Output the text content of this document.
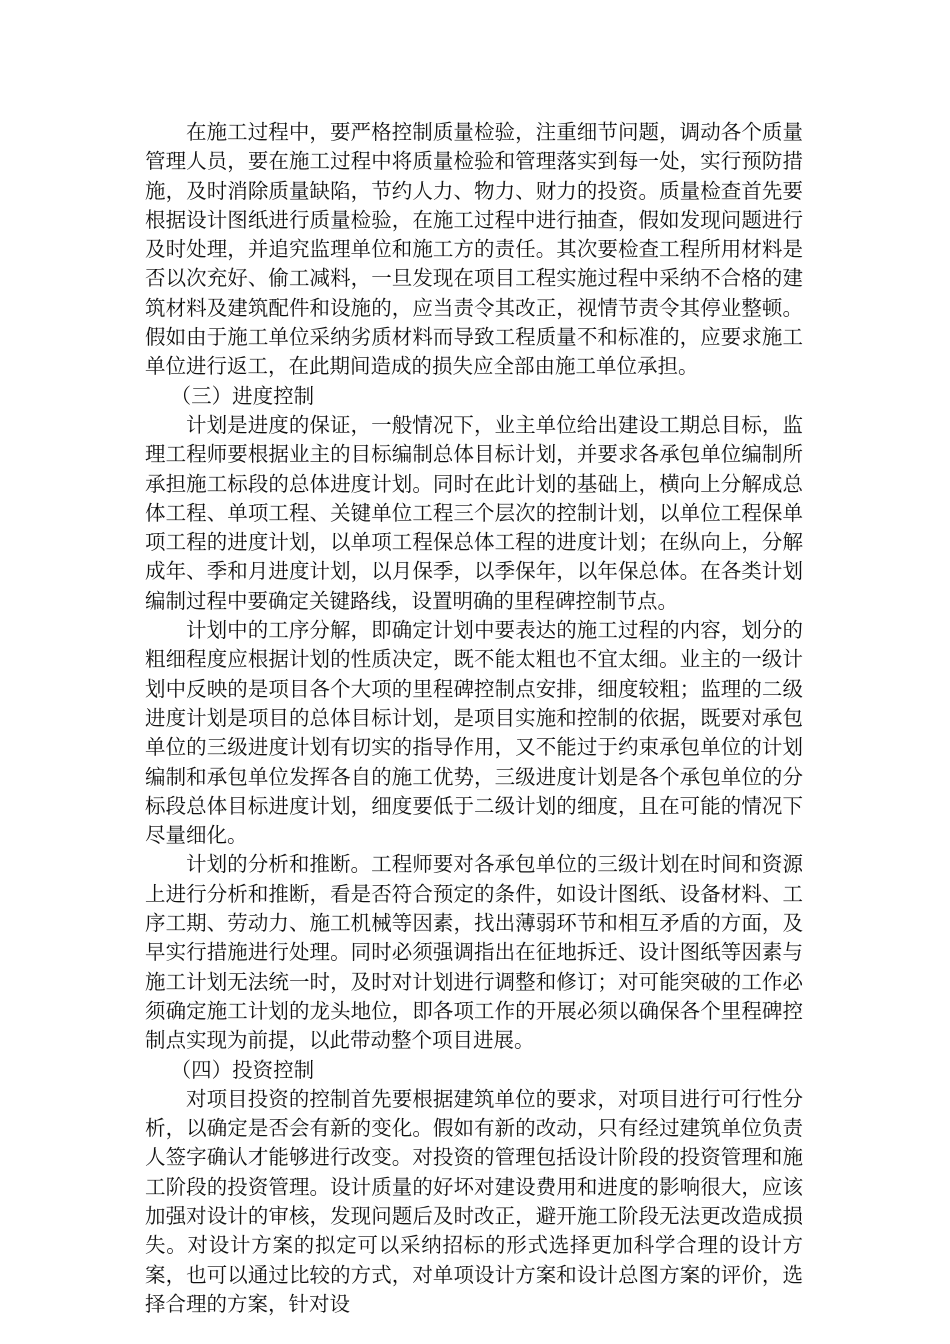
在施工过程中，要严格控制质量检验，注重细节问题，调动各个质量管理人员，要在施工过程中将质量检验和管理落实到每一处，实行预防措施，及时消除质量缺陷，节约人力、物力、财力的投资。质量检查首先要根据设计图纸进行质量检验，在施工过程中进行抽查，假如发现问题进行及时处理，并追究监理单位和施工方的责任。其次要检查工程所用材料是否以次充好、偷工减料，一旦发现在项目工程实施过程中采纳不合格的建筑材料及建筑配件和设施的，应当责令其改正，视情节责令其停业整顿。假如由于施工单位采纳劣质材料而导致工程质量不和标准的，应要求施工单位进行返工，在此期间造成的损失应全部由施工单位承担。

（三）进度控制

计划是进度的保证，一般情况下，业主单位给出建设工期总目标，监理工程师要根据业主的目标编制总体目标计划，并要求各承包单位编制所承担施工标段的总体进度计划。同时在此计划的基础上，横向上分解成总体工程、单项工程、关键单位工程三个层次的控制计划，以单位工程保单项工程的进度计划，以单项工程保总体工程的进度计划；在纵向上，分解成年、季和月进度计划，以月保季，以季保年，以年保总体。在各类计划编制过程中要确定关键路线，设置明确的里程碑控制节点。

计划中的工序分解，即确定计划中要表达的施工过程的内容，划分的粗细程度应根据计划的性质决定，既不能太粗也不宜太细。业主的一级计划中反映的是项目各个大项的里程碑控制点安排，细度较粗；监理的二级进度计划是项目的总体目标计划，是项目实施和控制的依据，既要对承包单位的三级进度计划有切实的指导作用，又不能过于约束承包单位的计划编制和承包单位发挥各自的施工优势，三级进度计划是各个承包单位的分标段总体目标进度计划，细度要低于二级计划的细度，且在可能的情况下尽量细化。

计划的分析和推断。工程师要对各承包单位的三级计划在时间和资源上进行分析和推断，看是否符合预定的条件，如设计图纸、设备材料、工序工期、劳动力、施工机械等因素，找出薄弱环节和相互矛盾的方面，及早实行措施进行处理。同时必须强调指出在征地拆迁、设计图纸等因素与施工计划无法统一时，及时对计划进行调整和修订；对可能突破的工作必须确定施工计划的龙头地位，即各项工作的开展必须以确保各个里程碑控制点实现为前提，以此带动整个项目进展。

（四）投资控制

对项目投资的控制首先要根据建筑单位的要求，对项目进行可行性分析，以确定是否会有新的变化。假如有新的改动，只有经过建筑单位负责人签字确认才能够进行改变。对投资的管理包括设计阶段的投资管理和施工阶段的投资管理。设计质量的好坏对建设费用和进度的影响很大，应该加强对设计的审核，发现问题后及时改正，避开施工阶段无法更改造成损失。对设计方案的拟定可以采纳招标的形式选择更加科学合理的设计方案，也可以通过比较的方式，对单项设计方案和设计总图方案的评价，选择合理的方案，针对设
